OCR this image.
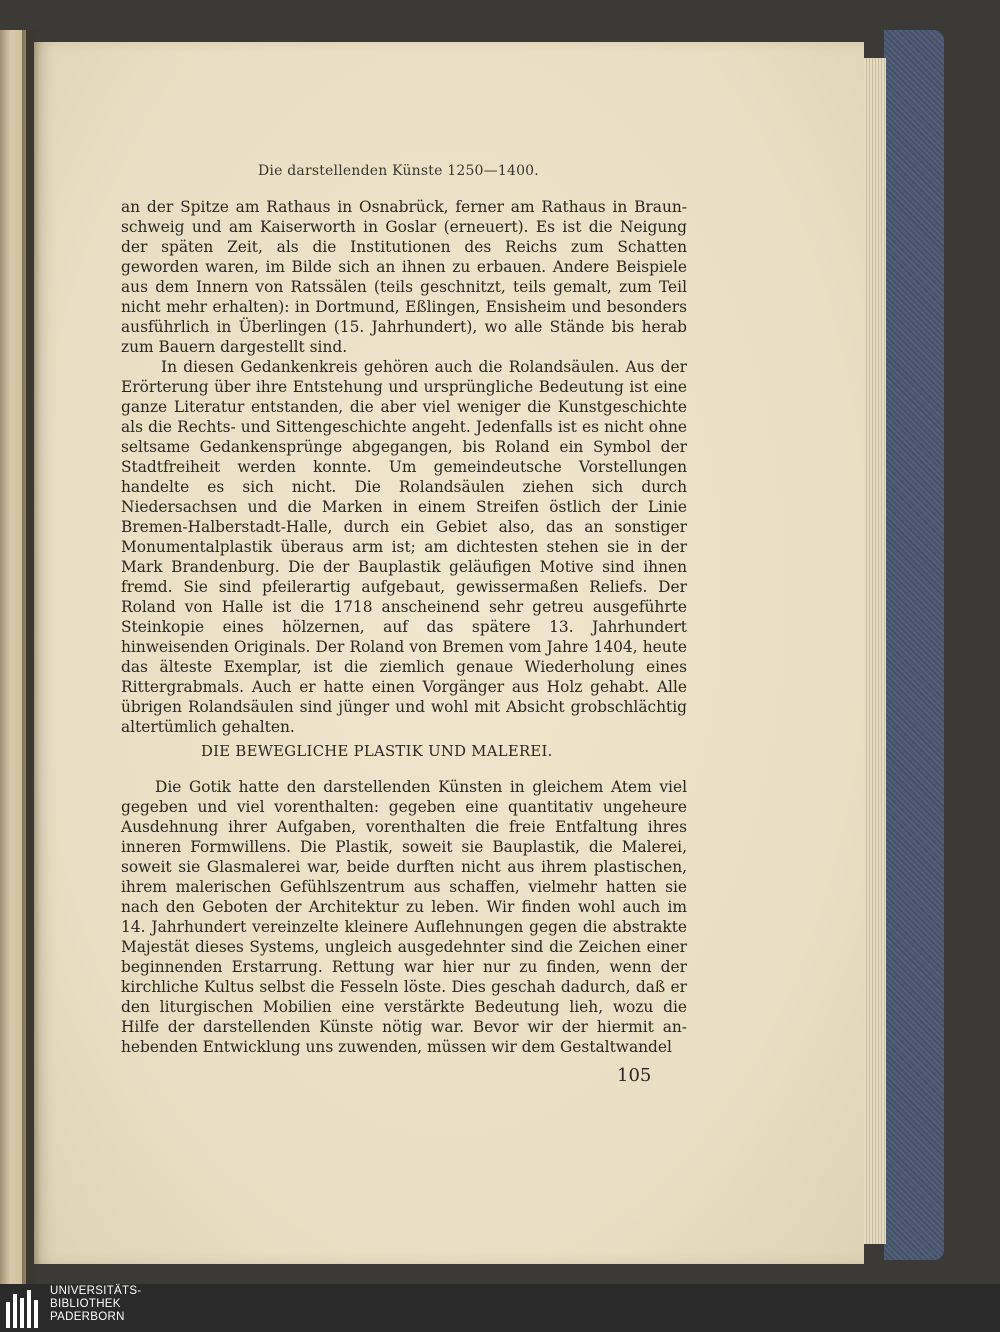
Die darstellenden Künste 1250—1400.

an der Spitze am Rathaus in Osnabrück, ferner am Rathaus in Braunschweig und am Kaiserworth in Goslar (erneuert). Es ist die Neigung der späten Zeit, als die Institutionen des Reichs zum Schatten geworden waren, im Bilde sich an ihnen zu erbauen. Andere Beispiele aus dem Innern von Ratssälen (teils geschnitzt, teils gemalt, zum Teil nicht mehr erhalten): in Dortmund, Eßlingen, Ensisheim und besonders ausführlich in Überlingen (15. Jahrhundert), wo alle Stände bis herab zum Bauern dargestellt sind.

In diesen Gedankenkreis gehören auch die Rolandsäulen. Aus der Erörterung über ihre Entstehung und ursprüngliche Bedeutung ist eine ganze Literatur entstanden, die aber viel weniger die Kunstgeschichte als die Rechts- und Sittengeschichte angeht. Jedenfalls ist es nicht ohne seltsame Gedankensprünge abgegangen, bis Roland ein Symbol der Stadtfreiheit werden konnte. Um gemeindeutsche Vorstellungen handelte es sich nicht. Die Rolandsäulen ziehen sich durch Niedersachsen und die Marken in einem Streifen östlich der Linie Bremen-Halberstadt-Halle, durch ein Gebiet also, das an sonstiger Monumentalplastik überaus arm ist; am dichtesten stehen sie in der Mark Brandenburg. Die der Bauplastik geläufigen Motive sind ihnen fremd. Sie sind pfeilerartig aufgebaut, gewissermaßen Reliefs. Der Roland von Halle ist die 1718 anscheinend sehr getreu ausgeführte Steinkopie eines hölzernen, auf das spätere 13. Jahrhundert hinweisenden Originals. Der Roland von Bremen vom Jahre 1404, heute das älteste Exemplar, ist die ziemlich genaue Wiederholung eines Rittergrabmals. Auch er hatte einen Vorgänger aus Holz gehabt. Alle übrigen Rolandsäulen sind jünger und wohl mit Absicht grobschlächtig altertümlich gehalten.

DIE BEWEGLICHE PLASTIK UND MALEREI.

Die Gotik hatte den darstellenden Künsten in gleichem Atem viel gegeben und viel vorenthalten: gegeben eine quantitativ ungeheure Ausdehnung ihrer Aufgaben, vorenthalten die freie Entfaltung ihres inneren Formwillens. Die Plastik, soweit sie Bauplastik, die Malerei, soweit sie Glasmalerei war, beide durften nicht aus ihrem plastischen, ihrem malerischen Gefühlszentrum aus schaffen, vielmehr hatten sie nach den Geboten der Architektur zu leben. Wir finden wohl auch im 14. Jahrhundert vereinzelte kleinere Auflehnungen gegen die abstrakte Majestät dieses Systems, ungleich ausgedehnter sind die Zeichen einer beginnenden Erstarrung. Rettung war hier nur zu finden, wenn der kirchliche Kultus selbst die Fesseln löste. Dies geschah dadurch, daß er den liturgischen Mobilien eine verstärkte Bedeutung lieh, wozu die Hilfe der darstellenden Künste nötig war. Bevor wir der hiermit anhebenden Entwicklung uns zuwenden, müssen wir dem Gestaltwandel

105
UNIVERSITÄTS-
BIBLIOTHEK
PADERBORN
